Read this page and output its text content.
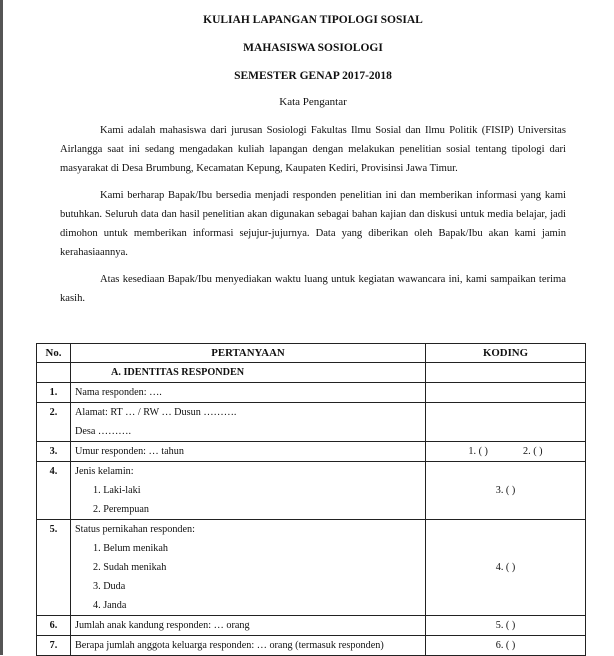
KULIAH LAPANGAN TIPOLOGI SOSIAL
MAHASISWA SOSIOLOGI
SEMESTER GENAP 2017-2018
Kata Pengantar
Kami adalah mahasiswa dari jurusan Sosiologi Fakultas Ilmu Sosial dan Ilmu Politik (FISIP) Universitas Airlangga saat ini sedang mengadakan kuliah lapangan dengan melakukan penelitian sosial tentang tipologi dari masyarakat di Desa Brumbung, Kecamatan Kepung, Kaupaten Kediri, Provisinsi Jawa Timur.
Kami berharap Bapak/Ibu bersedia menjadi responden penelitian ini dan memberikan informasi yang kami butuhkan. Seluruh data dan hasil penelitian akan digunakan sebagai bahan kajian dan diskusi untuk media belajar, jadi dimohon untuk memberikan informasi sejujur-jujurnya. Data yang diberikan oleh Bapak/Ibu akan kami jamin kerahasiaannya.
Atas kesediaan Bapak/Ibu menyediakan waktu luang untuk kegiatan wawancara ini, kami sampaikan terima kasih.
No.	PERTANYAAN	KODING
	A. IDENTITAS RESPONDEN	
1.	Nama responden: ….	
2.	Alamat: RT … / RW … Dusun ……….
Desa ……….	

3.	Umur responden: … tahun	1. ( ) 2. ( )
4.	Jenis kelamin:
1. Laki-laki
2. Perempuan	3. ( )
5.	Status pernikahan responden:
1. Belum menikah
2. Sudah menikah
3. Duda
4. Janda	4. ( )
6.	Jumlah anak kandung responden: … orang	5. ( )
7.	Berapa jumlah anggota keluarga responden: … orang (termasuk responden)	6. ( )
